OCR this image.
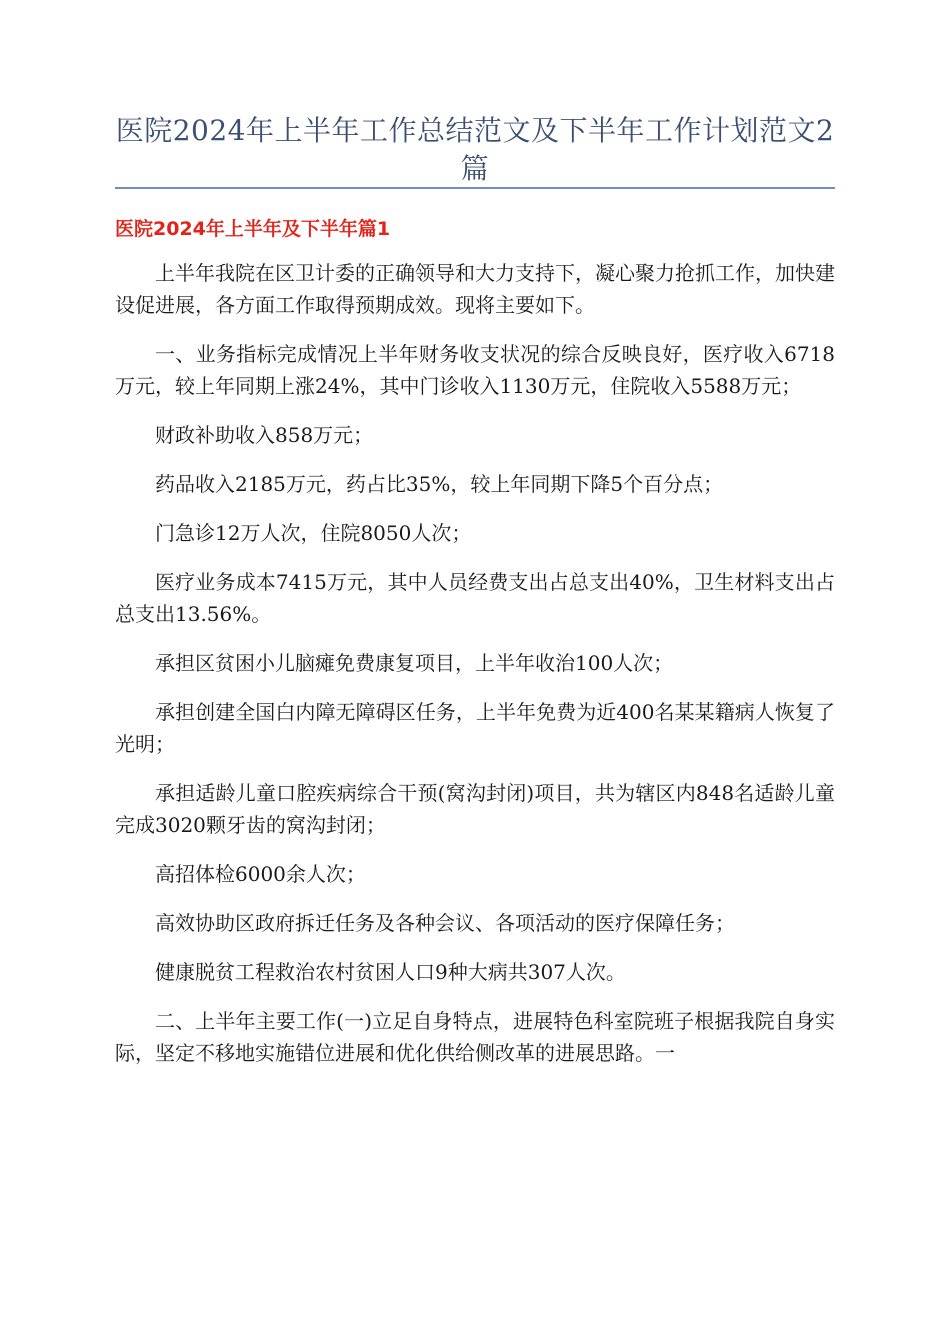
医院2024年上半年工作总结范文及下半年工作计划范文2篇
医院2024年上半年及下半年篇1

上半年我院在区卫计委的正确领导和大力支持下，凝心聚力抢抓工作，加快建设促进展，各方面工作取得预期成效。现将主要如下。

一、业务指标完成情况上半年财务收支状况的综合反映良好，医疗收入6718万元，较上年同期上涨24%，其中门诊收入1130万元，住院收入5588万元；

财政补助收入858万元；

药品收入2185万元，药占比35%，较上年同期下降5个百分点；

门急诊12万人次，住院8050人次；

医疗业务成本7415万元，其中人员经费支出占总支出40%，卫生材料支出占总支出13.56%。

承担区贫困小儿脑瘫免费康复项目，上半年收治100人次；

承担创建全国白内障无障碍区任务，上半年免费为近400名某某籍病人恢复了光明；

承担适龄儿童口腔疾病综合干预(窝沟封闭)项目，共为辖区内848名适龄儿童完成3020颗牙齿的窝沟封闭；

高招体检6000余人次；

高效协助区政府拆迁任务及各种会议、各项活动的医疗保障任务；

健康脱贫工程救治农村贫困人口9种大病共307人次。

二、上半年主要工作(一)立足自身特点，进展特色科室院班子根据我院自身实际，坚定不移地实施错位进展和优化供给侧改革的进展思路。一
